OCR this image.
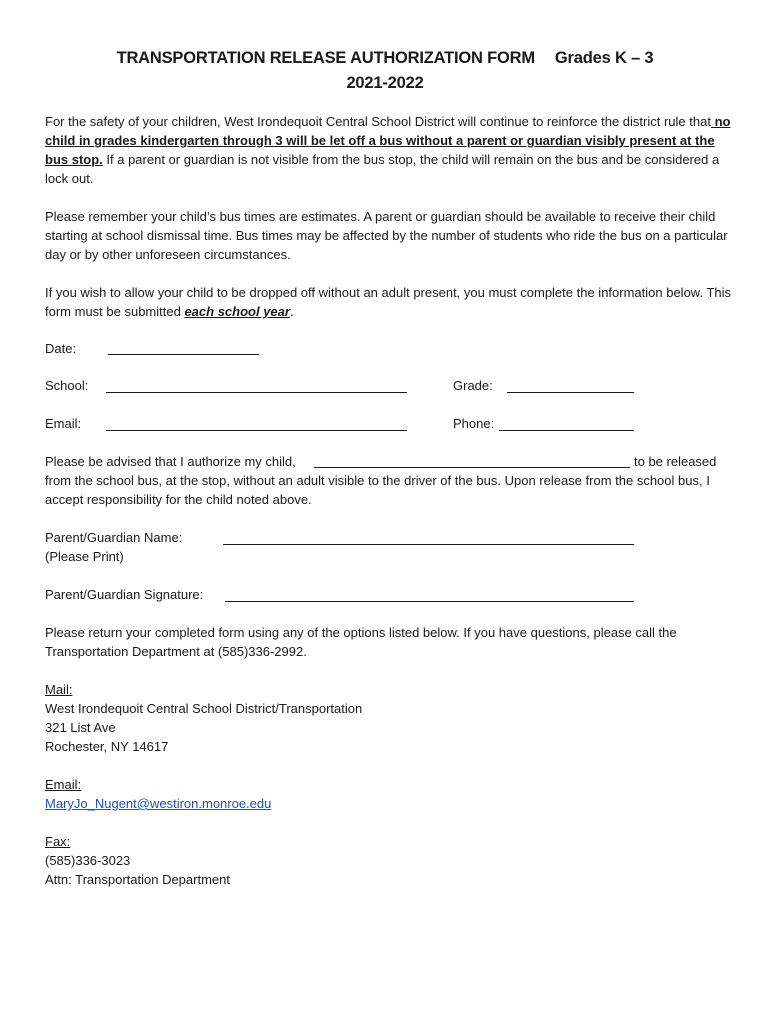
TRANSPORTATION RELEASE AUTHORIZATION FORM Grades K – 3
2021-2022
For the safety of your children, West Irondequoit Central School District will continue to reinforce the district rule that no child in grades kindergarten through 3 will be let off a bus without a parent or guardian visibly present at the bus stop. If a parent or guardian is not visible from the bus stop, the child will remain on the bus and be considered a lock out.
Please remember your child’s bus times are estimates. A parent or guardian should be available to receive their child starting at school dismissal time. Bus times may be affected by the number of students who ride the bus on a particular day or by other unforeseen circumstances.
If you wish to allow your child to be dropped off without an adult present, you must complete the information below. This form must be submitted each school year.
Date:
School:	Grade:
Email:	Phone:
Please be advised that I authorize my child,	to be released
from the school bus, at the stop, without an adult visible to the driver of the bus. Upon release from the school bus, I accept responsibility for the child noted above.
Parent/Guardian Name:
(Please Print)
Parent/Guardian Signature:
Please return your completed form using any of the options listed below. If you have questions, please call the Transportation Department at (585)336-2992.
Mail:
West Irondequoit Central School District/Transportation
321 List Ave
Rochester, NY 14617
Email:
MaryJo_Nugent@westiron.monroe.edu
Fax:
(585)336-3023
Attn: Transportation Department
